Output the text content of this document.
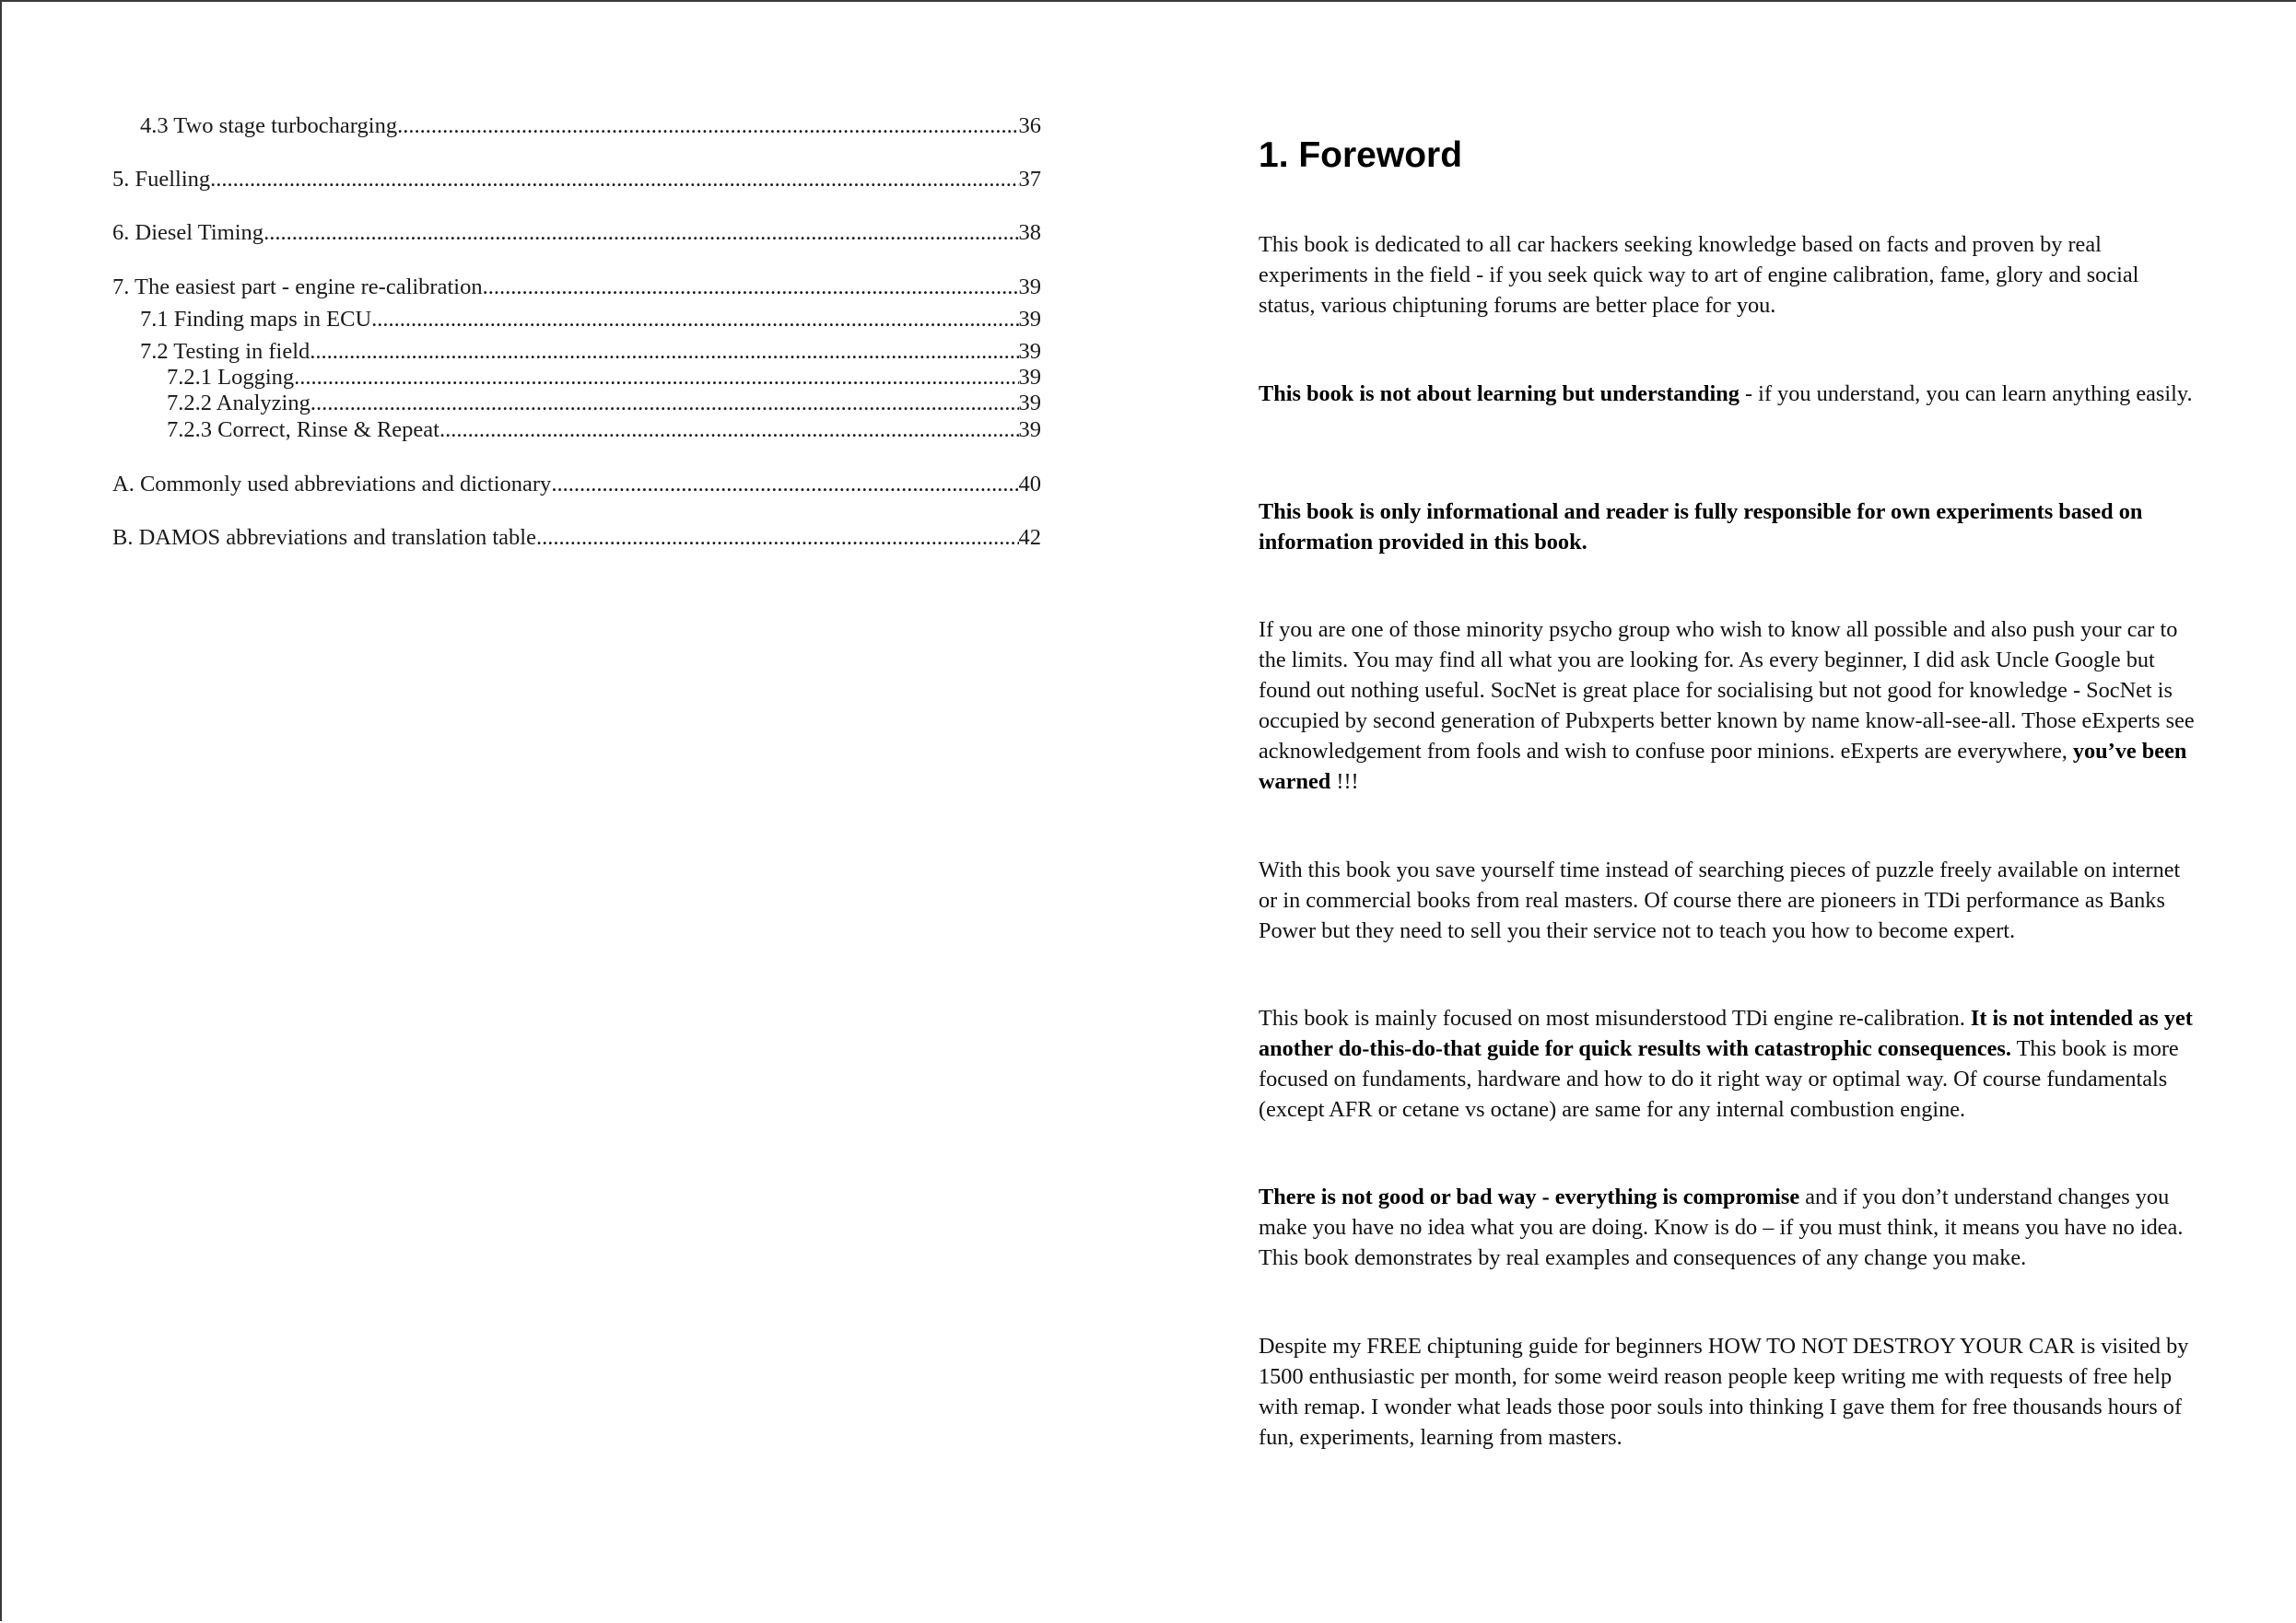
4.3 Two stage turbocharging .....	36
5. Fuelling .....	37
6. Diesel Timing .....	38
7. The easiest part - engine re-calibration .....	39
7.1 Finding maps in ECU .....	39
7.2 Testing in field .....	39
7.2.1 Logging .....	39
7.2.2 Analyzing .....	39
7.2.3 Correct, Rinse & Repeat .....	39
A. Commonly used abbreviations and dictionary .....	40
B. DAMOS abbreviations and translation table .....	42
1. Foreword

This book is dedicated to all car hackers seeking knowledge based on facts and proven by real experiments in the field - if you seek quick way to art of engine calibration, fame, glory and social status, various chiptuning forums are better place for you.

This book is not about learning but understanding - if you understand, you can learn anything easily.

This book is only informational and reader is fully responsible for own experiments based on information provided in this book.

If you are one of those minority psycho group who wish to know all possible and also push your car to the limits. You may find all what you are looking for. As every beginner, I did ask Uncle Google but found out nothing useful. SocNet is great place for socialising but not good for knowledge - SocNet is occupied by second generation of Pubxperts better known by name know-all-see-all. Those eExperts see acknowledgement from fools and wish to confuse poor minions. eExperts are everywhere, you’ve been warned !!!

With this book you save yourself time instead of searching pieces of puzzle freely available on internet or in commercial books from real masters. Of course there are pioneers in TDi performance as Banks Power but they need to sell you their service not to teach you how to become expert.

This book is mainly focused on most misunderstood TDi engine re-calibration. It is not intended as yet another do-this-do-that guide for quick results with catastrophic consequences. This book is more focused on fundaments, hardware and how to do it right way or optimal way. Of course fundamentals (except AFR or cetane vs octane) are same for any internal combustion engine.

There is not good or bad way - everything is compromise and if you don’t understand changes you make you have no idea what you are doing. Know is do – if you must think, it means you have no idea. This book demonstrates by real examples and consequences of any change you make.

Despite my FREE chiptuning guide for beginners HOW TO NOT DESTROY YOUR CAR is visited by 1500 enthusiastic per month, for some weird reason people keep writing me with requests of free help with remap. I wonder what leads those poor souls into thinking I gave them for free thousands hours of fun, experiments, learning from masters.
